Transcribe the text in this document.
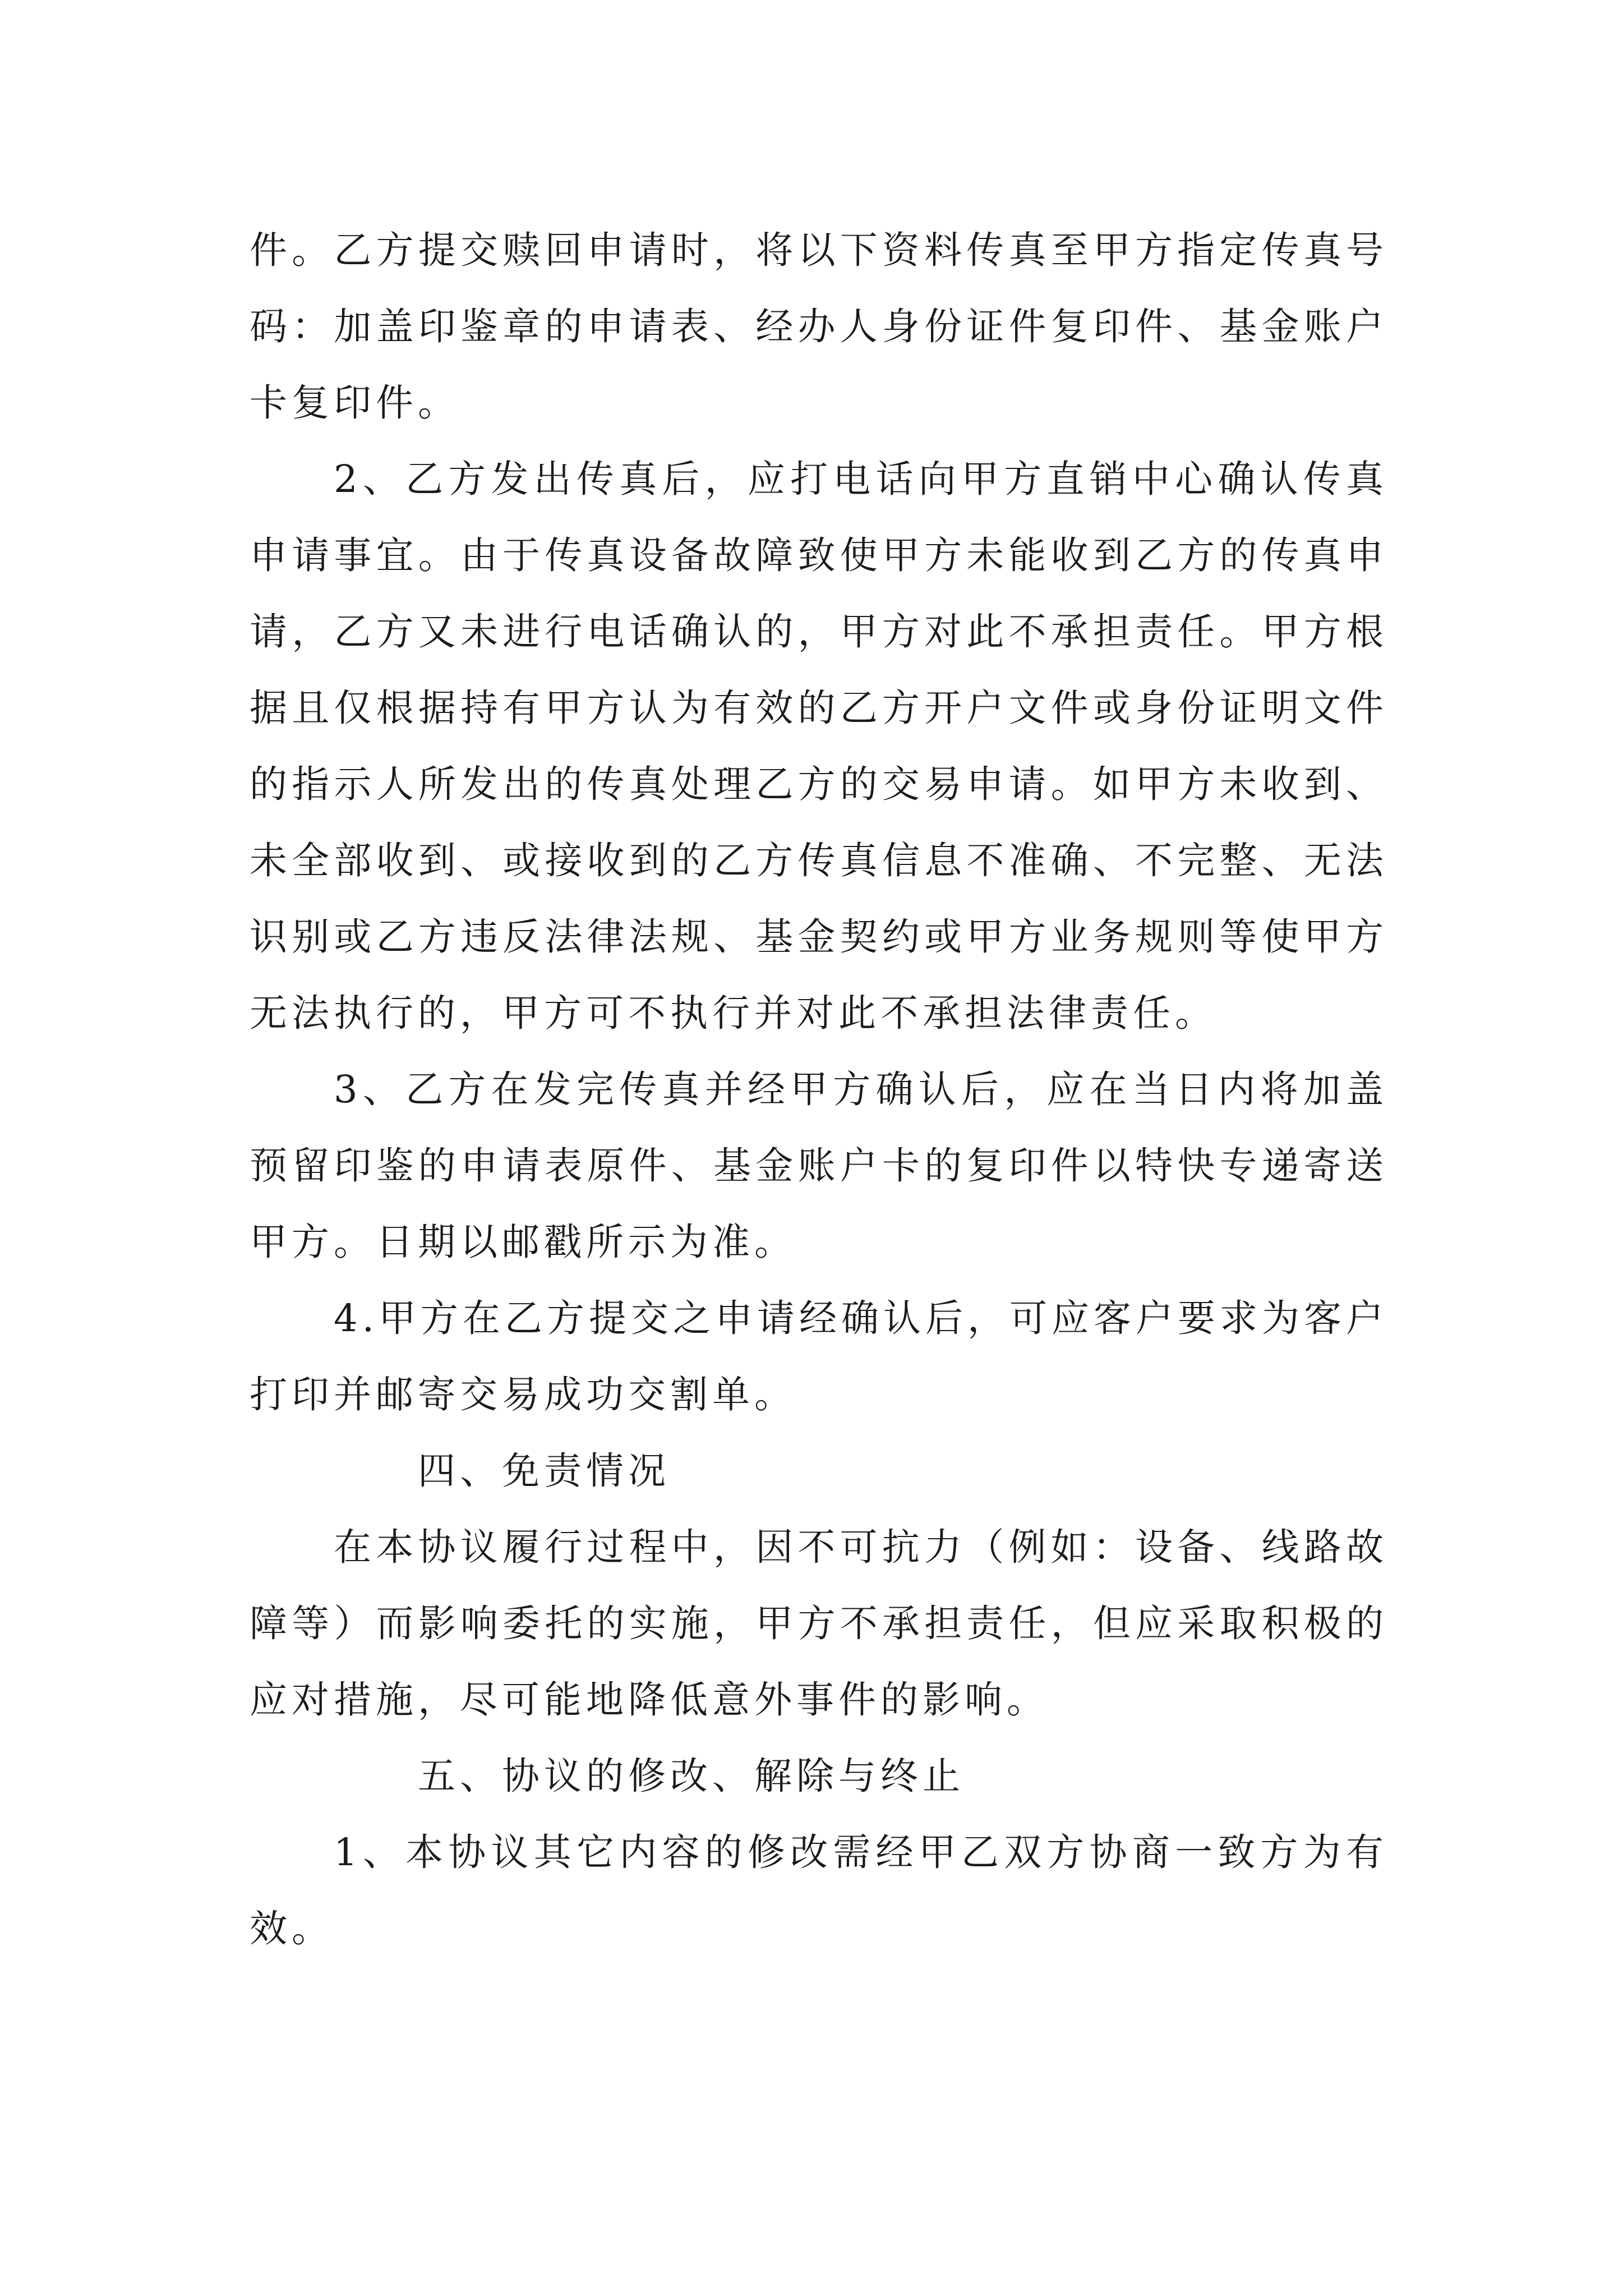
件。乙方提交赎回申请时，将以下资料传真至甲方指定传真号码：加盖印鉴章的申请表、经办人身份证件复印件、基金账户卡复印件。

2、乙方发出传真后，应打电话向甲方直销中心确认传真申请事宜。由于传真设备故障致使甲方未能收到乙方的传真申请，乙方又未进行电话确认的，甲方对此不承担责任。甲方根据且仅根据持有甲方认为有效的乙方开户文件或身份证明文件的指示人所发出的传真处理乙方的交易申请。如甲方未收到、未全部收到、或接收到的乙方传真信息不准确、不完整、无法识别或乙方违反法律法规、基金契约或甲方业务规则等使甲方无法执行的，甲方可不执行并对此不承担法律责任。

3、乙方在发完传真并经甲方确认后，应在当日内将加盖预留印鉴的申请表原件、基金账户卡的复印件以特快专递寄送甲方。日期以邮戳所示为准。

4.甲方在乙方提交之申请经确认后，可应客户要求为客户打印并邮寄交易成功交割单。

四、免责情况

在本协议履行过程中，因不可抗力（例如：设备、线路故障等）而影响委托的实施，甲方不承担责任，但应采取积极的应对措施，尽可能地降低意外事件的影响。

五、协议的修改、解除与终止

1、本协议其它内容的修改需经甲乙双方协商一致方为有效。
